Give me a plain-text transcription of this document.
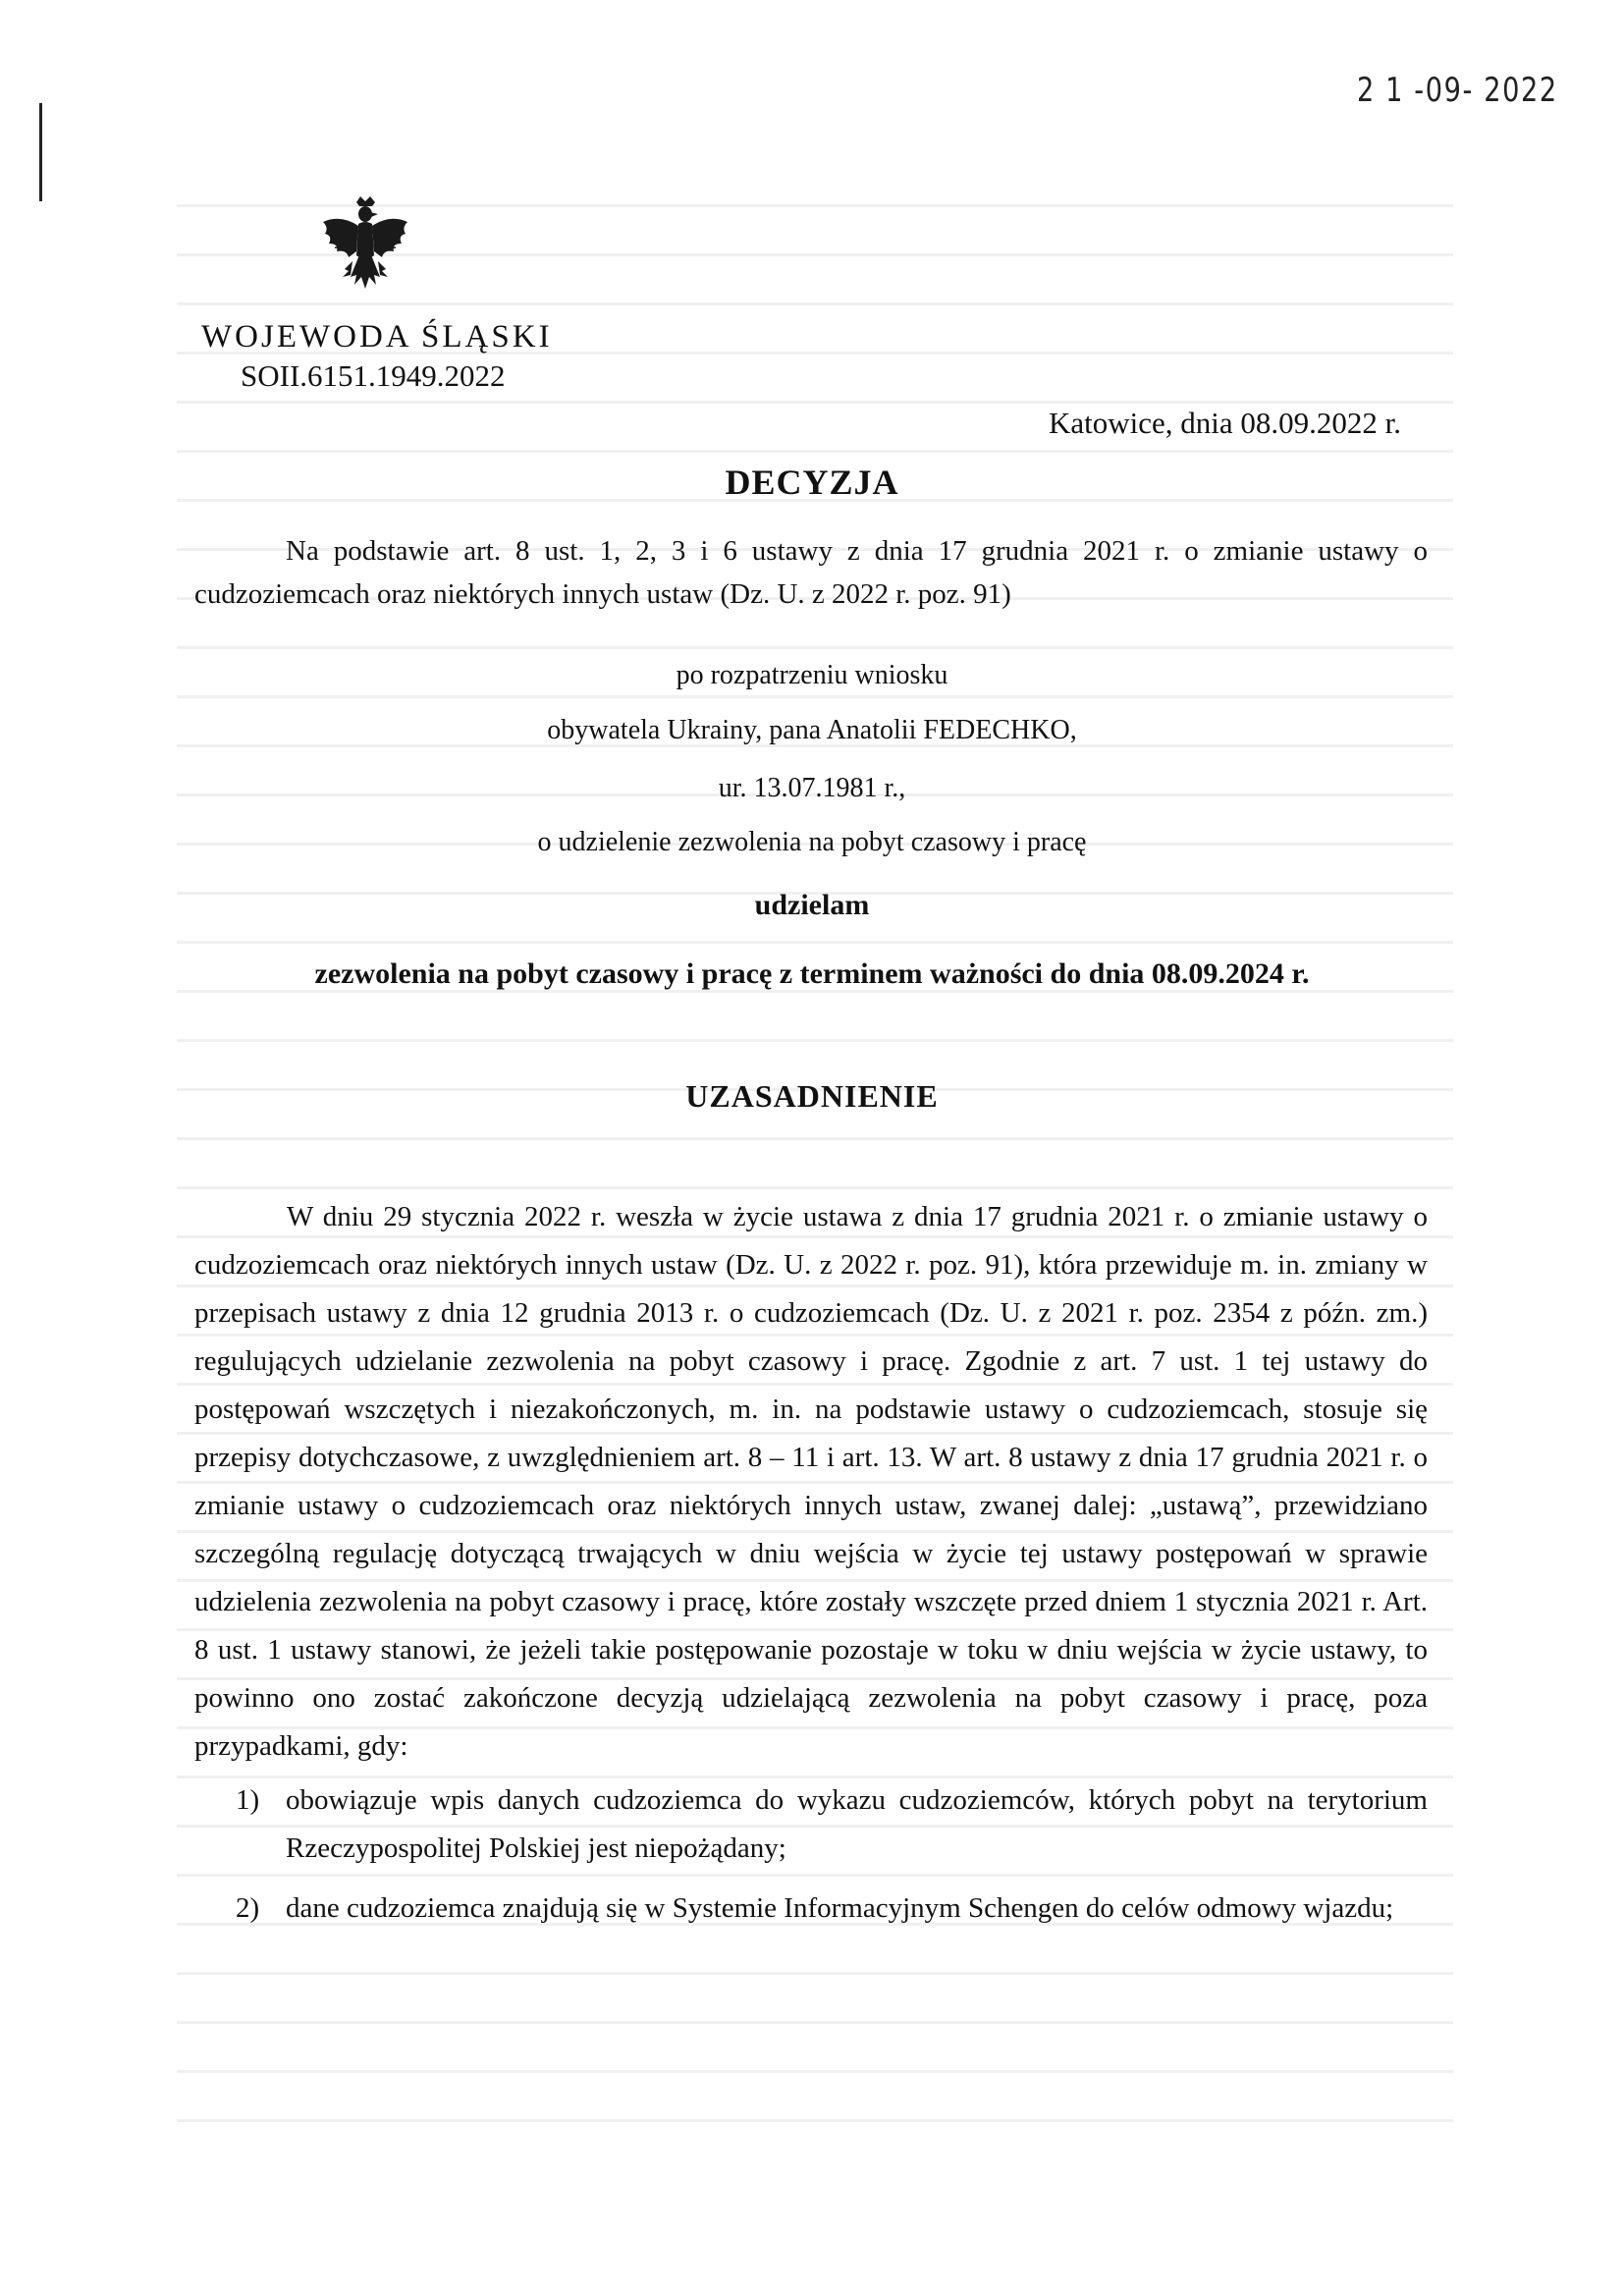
2 1 -09- 2022
WOJEWODA ŚLĄSKI
SOII.6151.1949.2022
Katowice, dnia 08.09.2022 r.
DECYZJA
Na podstawie art. 8 ust. 1, 2, 3 i 6 ustawy z dnia 17 grudnia 2021 r. o zmianie ustawy o cudzoziemcach oraz niektórych innych ustaw (Dz. U. z 2022 r. poz. 91)
po rozpatrzeniu wniosku
obywatela Ukrainy, pana Anatolii FEDECHKO,
ur. 13.07.1981 r.,
o udzielenie zezwolenia na pobyt czasowy i pracę
udzielam
zezwolenia na pobyt czasowy i pracę z terminem ważności do dnia 08.09.2024 r.
UZASADNIENIE
W dniu 29 stycznia 2022 r. weszła w życie ustawa z dnia 17 grudnia 2021 r. o zmianie ustawy o cudzoziemcach oraz niektórych innych ustaw (Dz. U. z 2022 r. poz. 91), która przewiduje m. in. zmiany w przepisach ustawy z dnia 12 grudnia 2013 r. o cudzoziemcach (Dz. U. z 2021 r. poz. 2354 z późn. zm.) regulujących udzielanie zezwolenia na pobyt czasowy i pracę. Zgodnie z art. 7 ust. 1 tej ustawy do postępowań wszczętych i niezakończonych, m. in. na podstawie ustawy o cudzoziemcach, stosuje się przepisy dotychczasowe, z uwzględnieniem art. 8 – 11 i art. 13. W art. 8 ustawy z dnia 17 grudnia 2021 r. o zmianie ustawy o cudzoziemcach oraz niektórych innych ustaw, zwanej dalej: „ustawą”, przewidziano szczególną regulację dotyczącą trwających w dniu wejścia w życie tej ustawy postępowań w sprawie udzielenia zezwolenia na pobyt czasowy i pracę, które zostały wszczęte przed dniem 1 stycznia 2021 r. Art. 8 ust. 1 ustawy stanowi, że jeżeli takie postępowanie pozostaje w toku w dniu wejścia w życie ustawy, to powinno ono zostać zakończone decyzją udzielającą zezwolenia na pobyt czasowy i pracę, poza przypadkami, gdy:
1) obowiązuje wpis danych cudzoziemca do wykazu cudzoziemców, których pobyt na terytorium Rzeczypospolitej Polskiej jest niepożądany;
2) dane cudzoziemca znajdują się w Systemie Informacyjnym Schengen do celów odmowy wjazdu;
